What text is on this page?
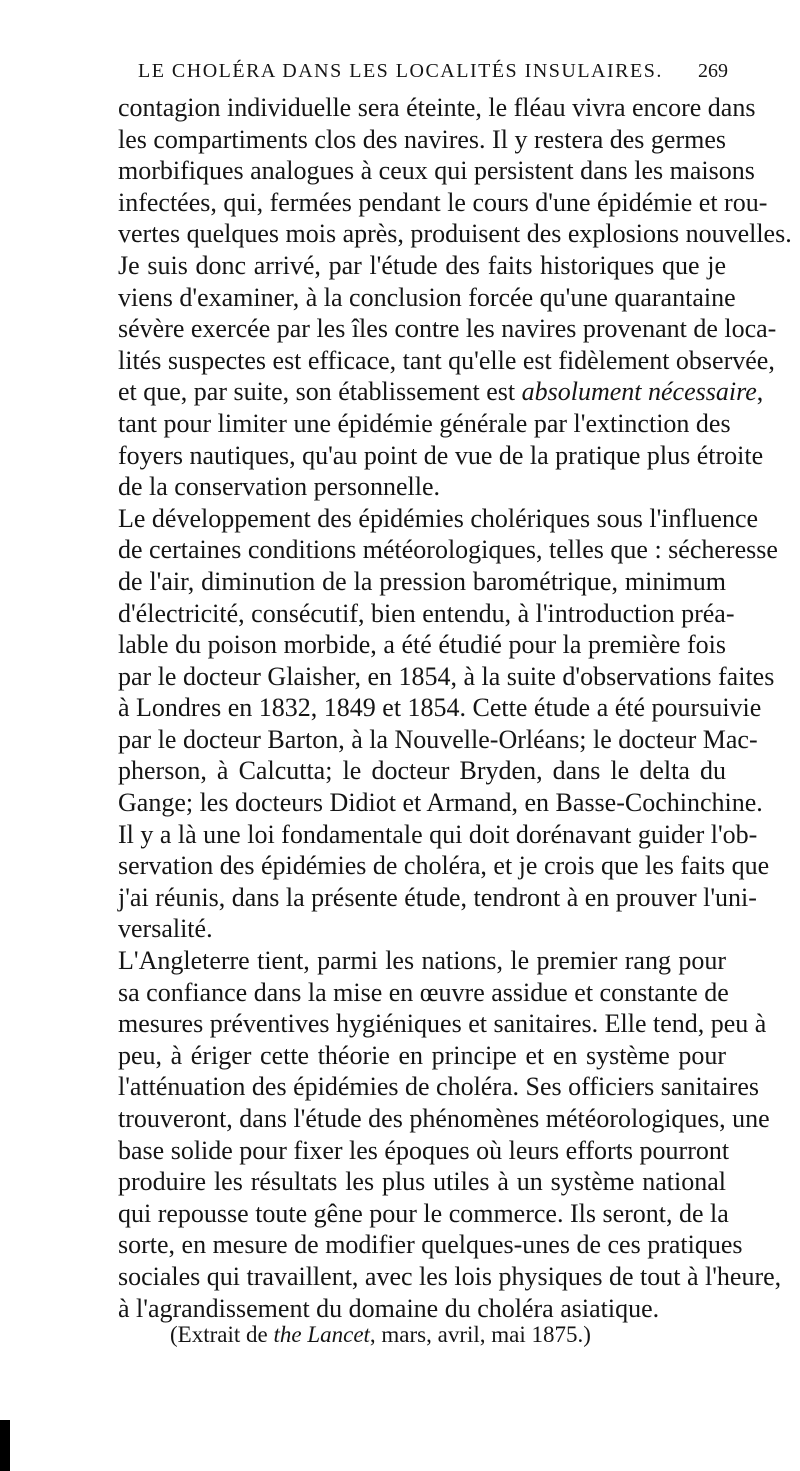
LE CHOLÉRA DANS LES LOCALITÉS INSULAIRES. 269
contagion individuelle sera éteinte, le fléau vivra encore dans
les compartiments clos des navires. Il y restera des germes
morbifiques analogues à ceux qui persistent dans les maisons
infectées, qui, fermées pendant le cours d'une épidémie et rou-
vertes quelques mois après, produisent des explosions nouvelles.
Je suis donc arrivé, par l'étude des faits historiques que je
viens d'examiner, à la conclusion forcée qu'une quarantaine
sévère exercée par les îles contre les navires provenant de loca-
lités suspectes est efficace, tant qu'elle est fidèlement observée,
et que, par suite, son établissement est absolument nécessaire,
tant pour limiter une épidémie générale par l'extinction des
foyers nautiques, qu'au point de vue de la pratique plus étroite
de la conservation personnelle.
Le développement des épidémies cholériques sous l'influence
de certaines conditions météorologiques, telles que : sécheresse
de l'air, diminution de la pression barométrique, minimum
d'électricité, consécutif, bien entendu, à l'introduction préa-
lable du poison morbide, a été étudié pour la première fois
par le docteur Glaisher, en 1854, à la suite d'observations faites
à Londres en 1832, 1849 et 1854. Cette étude a été poursuivie
par le docteur Barton, à la Nouvelle-Orléans; le docteur Mac-
pherson, à Calcutta; le docteur Bryden, dans le delta du
Gange; les docteurs Didiot et Armand, en Basse-Cochinchine.
Il y a là une loi fondamentale qui doit dorénavant guider l'ob-
servation des épidémies de choléra, et je crois que les faits que
j'ai réunis, dans la présente étude, tendront à en prouver l'uni-
versalité.
L'Angleterre tient, parmi les nations, le premier rang pour
sa confiance dans la mise en œuvre assidue et constante de
mesures préventives hygiéniques et sanitaires. Elle tend, peu à
peu, à ériger cette théorie en principe et en système pour
l'atténuation des épidémies de choléra. Ses officiers sanitaires
trouveront, dans l'étude des phénomènes météorologiques, une
base solide pour fixer les époques où leurs efforts pourront
produire les résultats les plus utiles à un système national
qui repousse toute gêne pour le commerce. Ils seront, de la
sorte, en mesure de modifier quelques-unes de ces pratiques
sociales qui travaillent, avec les lois physiques de tout à l'heure,
à l'agrandissement du domaine du choléra asiatique.
(Extrait de the Lancet, mars, avril, mai 1875.)
